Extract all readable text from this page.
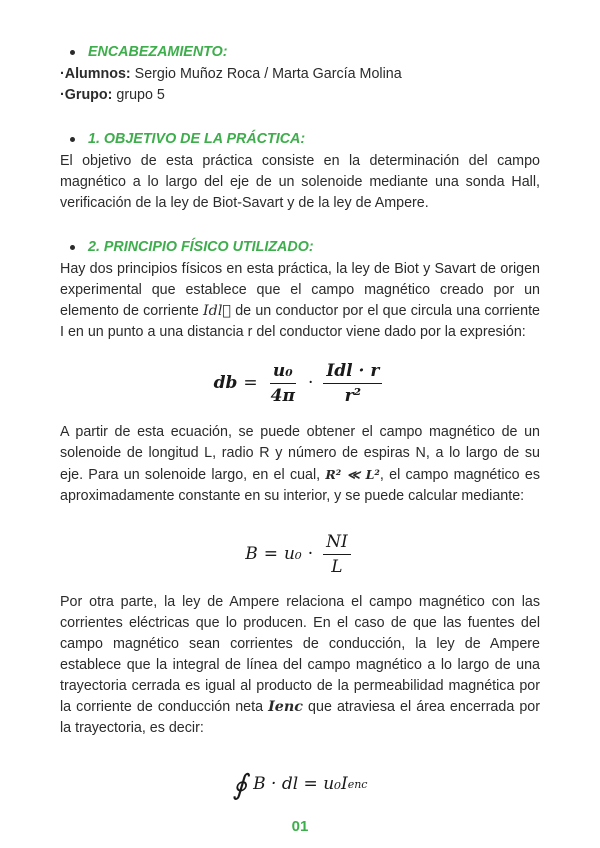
ENCABEZAMIENTO:
·Alumnos: Sergio Muñoz Roca / Marta García Molina
·Grupo: grupo 5
1. OBJETIVO DE LA PRÁCTICA:

El objetivo de esta práctica consiste en la determinación del campo magnético a lo largo del eje de un solenoide mediante una sonda Hall, verificación de la ley de Biot-Savart y de la ley de Ampere.

2. PRINCIPIO FÍSICO UTILIZADO:

Hay dos principios físicos en esta práctica, la ley de Biot y Savart de origen experimental que establece que el campo magnético creado por un elemento de corriente Idl⃗ de un conductor por el que circula una corriente I en un punto a una distancia r del conductor viene dado por la expresión:

db = $\frac{\text{u₀}}{4\pi} \cdot \frac{\text{Idl · r}}{\text{r²}}$

A partir de esta ecuación, se puede obtener el campo magnético de un solenoide de longitud L, radio R y número de espiras N, a lo largo de su eje. Para un solenoide largo, en el cual, R² ≪ L², el campo magnético es aproximadamente constante en su interior, y se puede calcular mediante:

$B = u_0 \cdot \frac{NI}{L}$

Por otra parte, la ley de Ampere relaciona el campo magnético con las corrientes eléctricas que lo producen. En el caso de que las fuentes del campo magnético sean corrientes de conducción, la ley de Ampere establece que la integral de línea del campo magnético a lo largo de una trayectoria cerrada es igual al producto de la permeabilidad magnética por la corriente de conducción neta Ienc que atraviesa el área encerrada por la trayectoria, es decir:

∮ B · dl = u₀I enc
01
